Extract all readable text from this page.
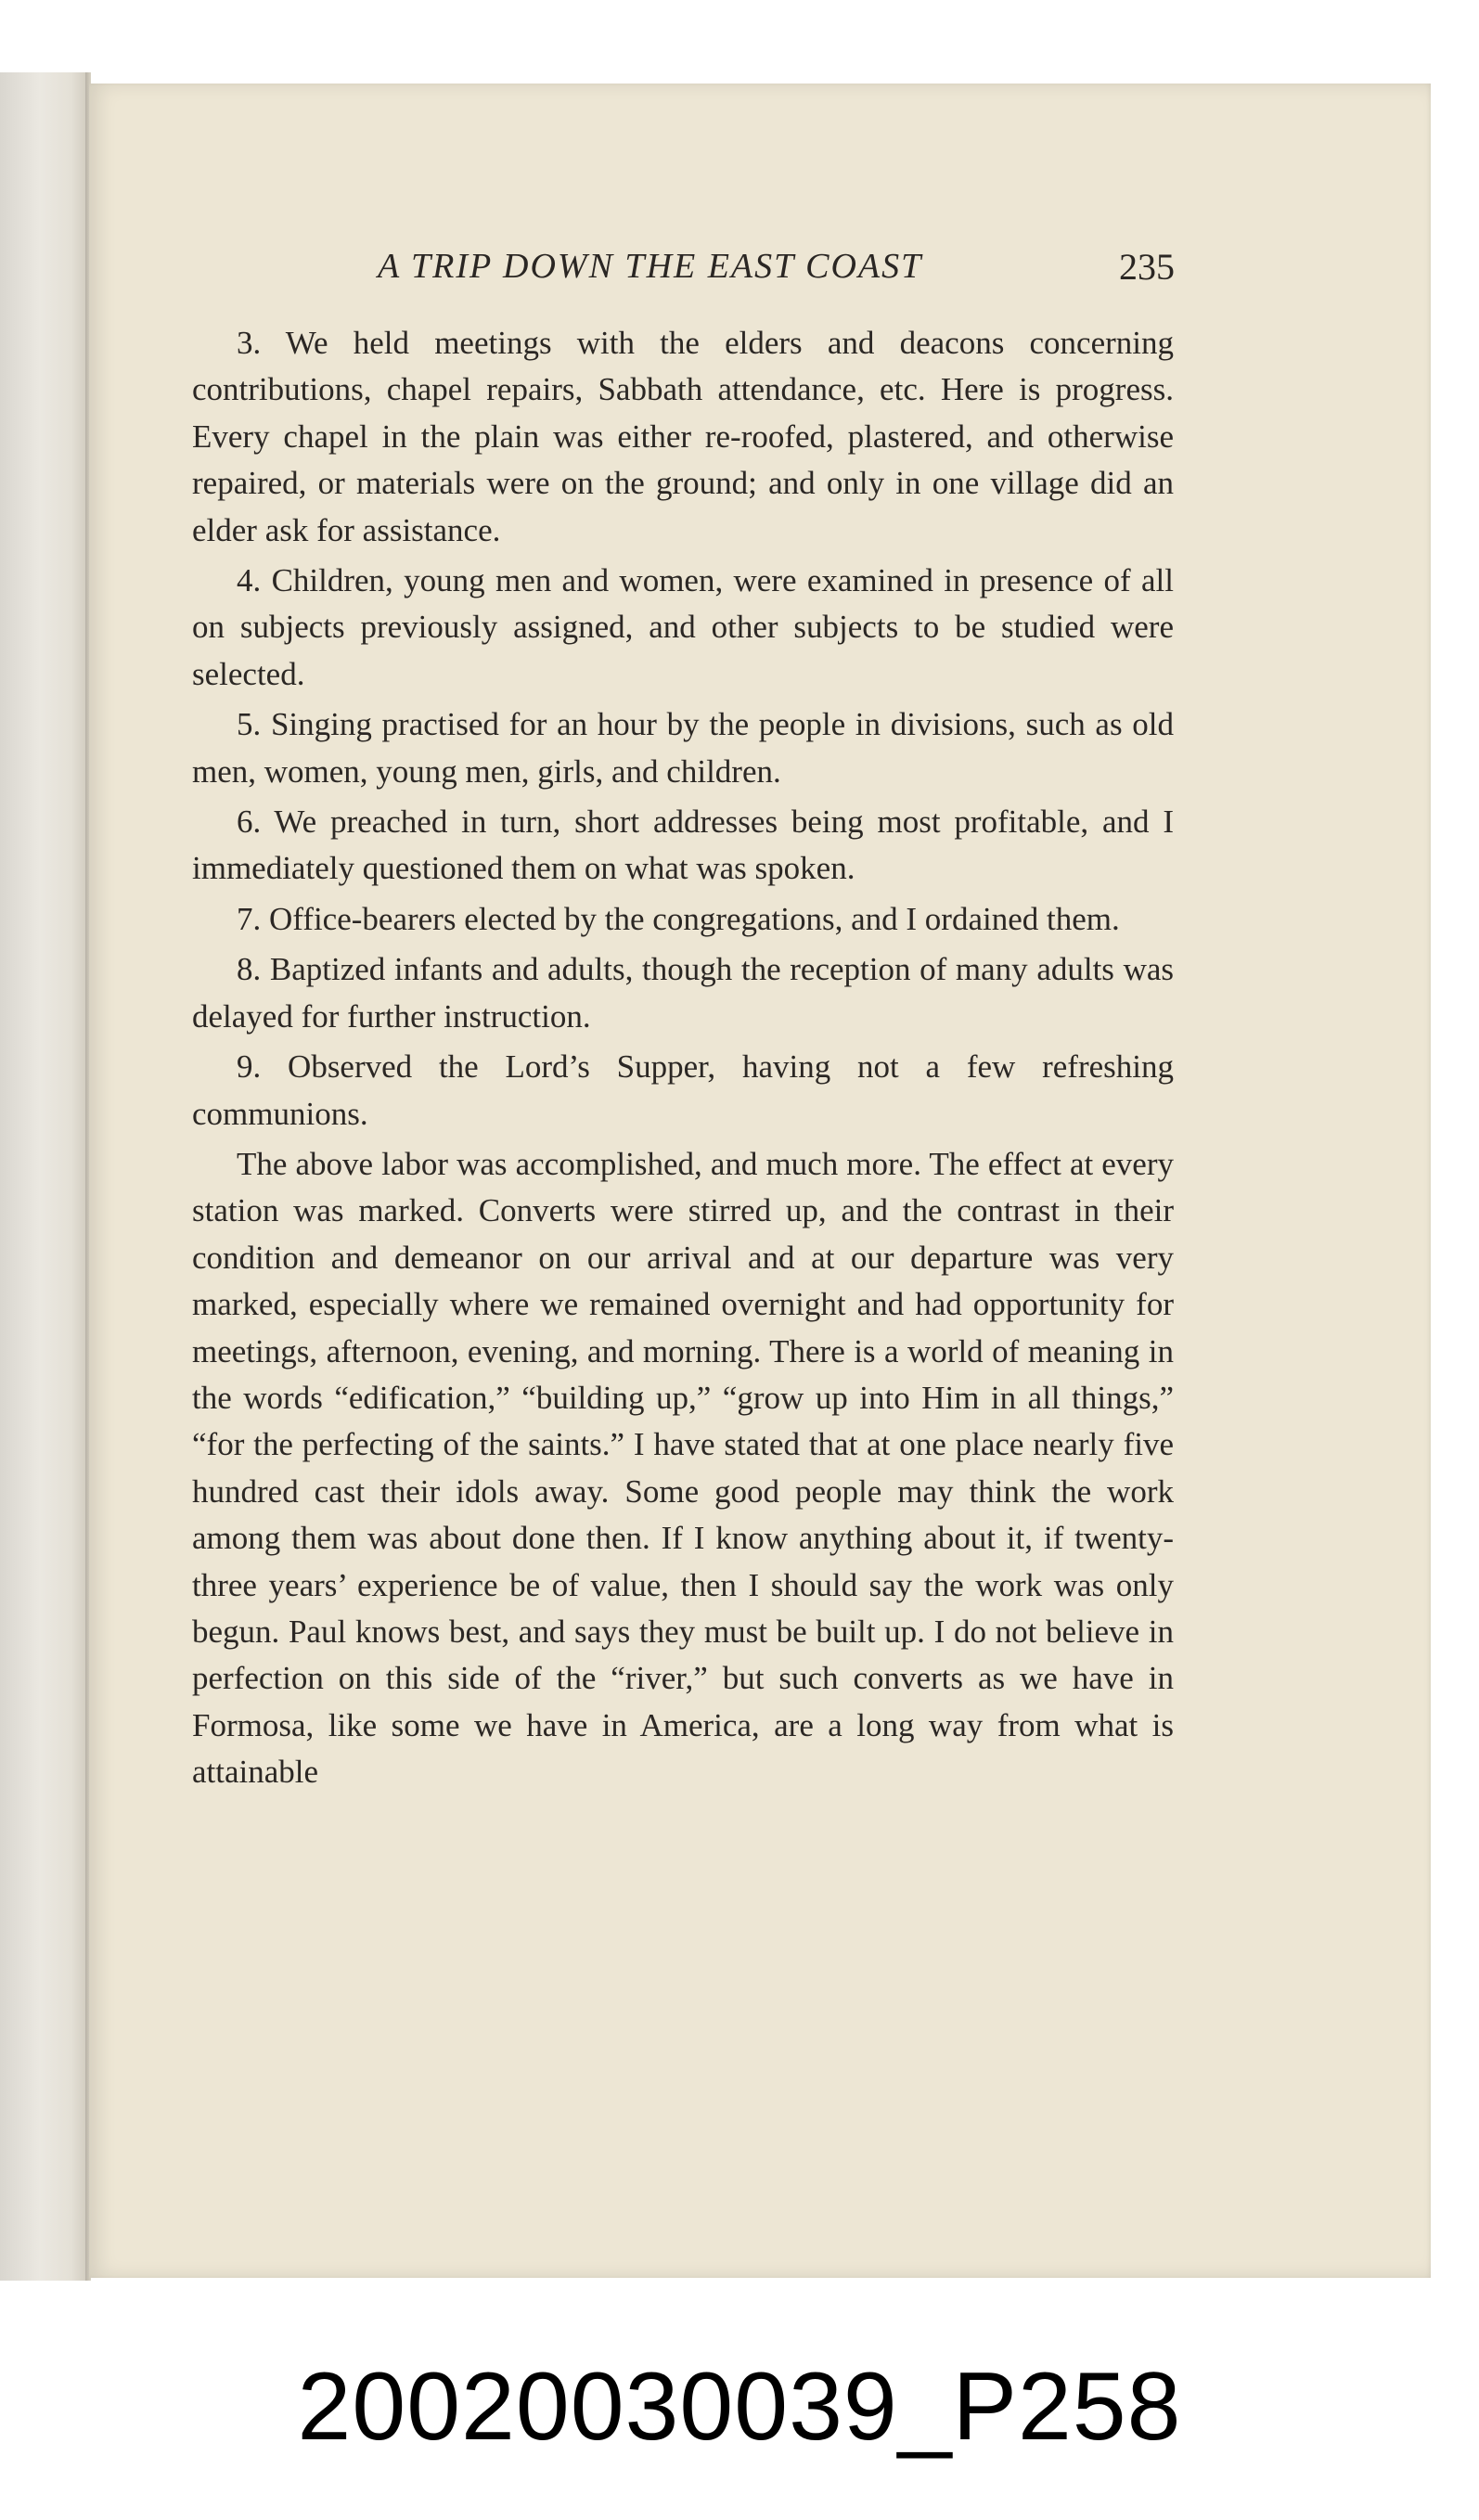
A TRIP DOWN THE EAST COAST	235

3. We held meetings with the elders and deacons concerning contributions, chapel repairs, Sabbath attendance, etc. Here is progress. Every chapel in the plain was either re-roofed, plastered, and otherwise repaired, or materials were on the ground; and only in one village did an elder ask for assistance.

4. Children, young men and women, were examined in presence of all on subjects previously assigned, and other subjects to be studied were selected.

5. Singing practised for an hour by the people in divisions, such as old men, women, young men, girls, and children.

6. We preached in turn, short addresses being most profitable, and I immediately questioned them on what was spoken.

7. Office-bearers elected by the congregations, and I ordained them.

8. Baptized infants and adults, though the reception of many adults was delayed for further instruction.

9. Observed the Lord’s Supper, having not a few refreshing communions.

The above labor was accomplished, and much more. The effect at every station was marked. Converts were stirred up, and the contrast in their condition and demeanor on our arrival and at our departure was very marked, especially where we remained overnight and had opportunity for meetings, afternoon, evening, and morning. There is a world of meaning in the words “edification,” “building up,” “grow up into Him in all things,” “for the perfecting of the saints.” I have stated that at one place nearly five hundred cast their idols away. Some good people may think the work among them was about done then. If I know anything about it, if twenty-three years’ experience be of value, then I should say the work was only begun. Paul knows best, and says they must be built up. I do not believe in perfection on this side of the “river,” but such converts as we have in Formosa, like some we have in America, are a long way from what is attainable

20020030039_P258
